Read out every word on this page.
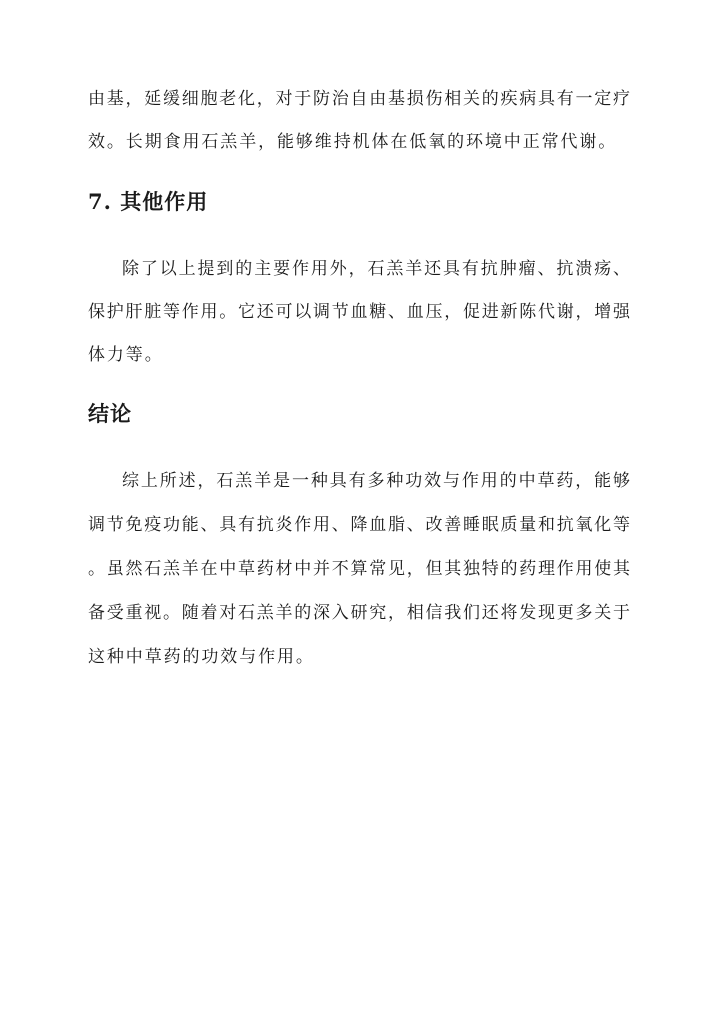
由基，延缓细胞老化，对于防治自由基损伤相关的疾病具有一定疗
效。长期食用石羔羊，能够维持机体在低氧的环境中正常代谢。
7. 其他作用
除了以上提到的主要作用外，石羔羊还具有抗肿瘤、抗溃疡、
保护肝脏等作用。它还可以调节血糖、血压，促进新陈代谢，增强
体力等。
结论
综上所述，石羔羊是一种具有多种功效与作用的中草药，能够
调节免疫功能、具有抗炎作用、降血脂、改善睡眠质量和抗氧化等
。虽然石羔羊在中草药材中并不算常见，但其独特的药理作用使其
备受重视。随着对石羔羊的深入研究，相信我们还将发现更多关于
这种中草药的功效与作用。
